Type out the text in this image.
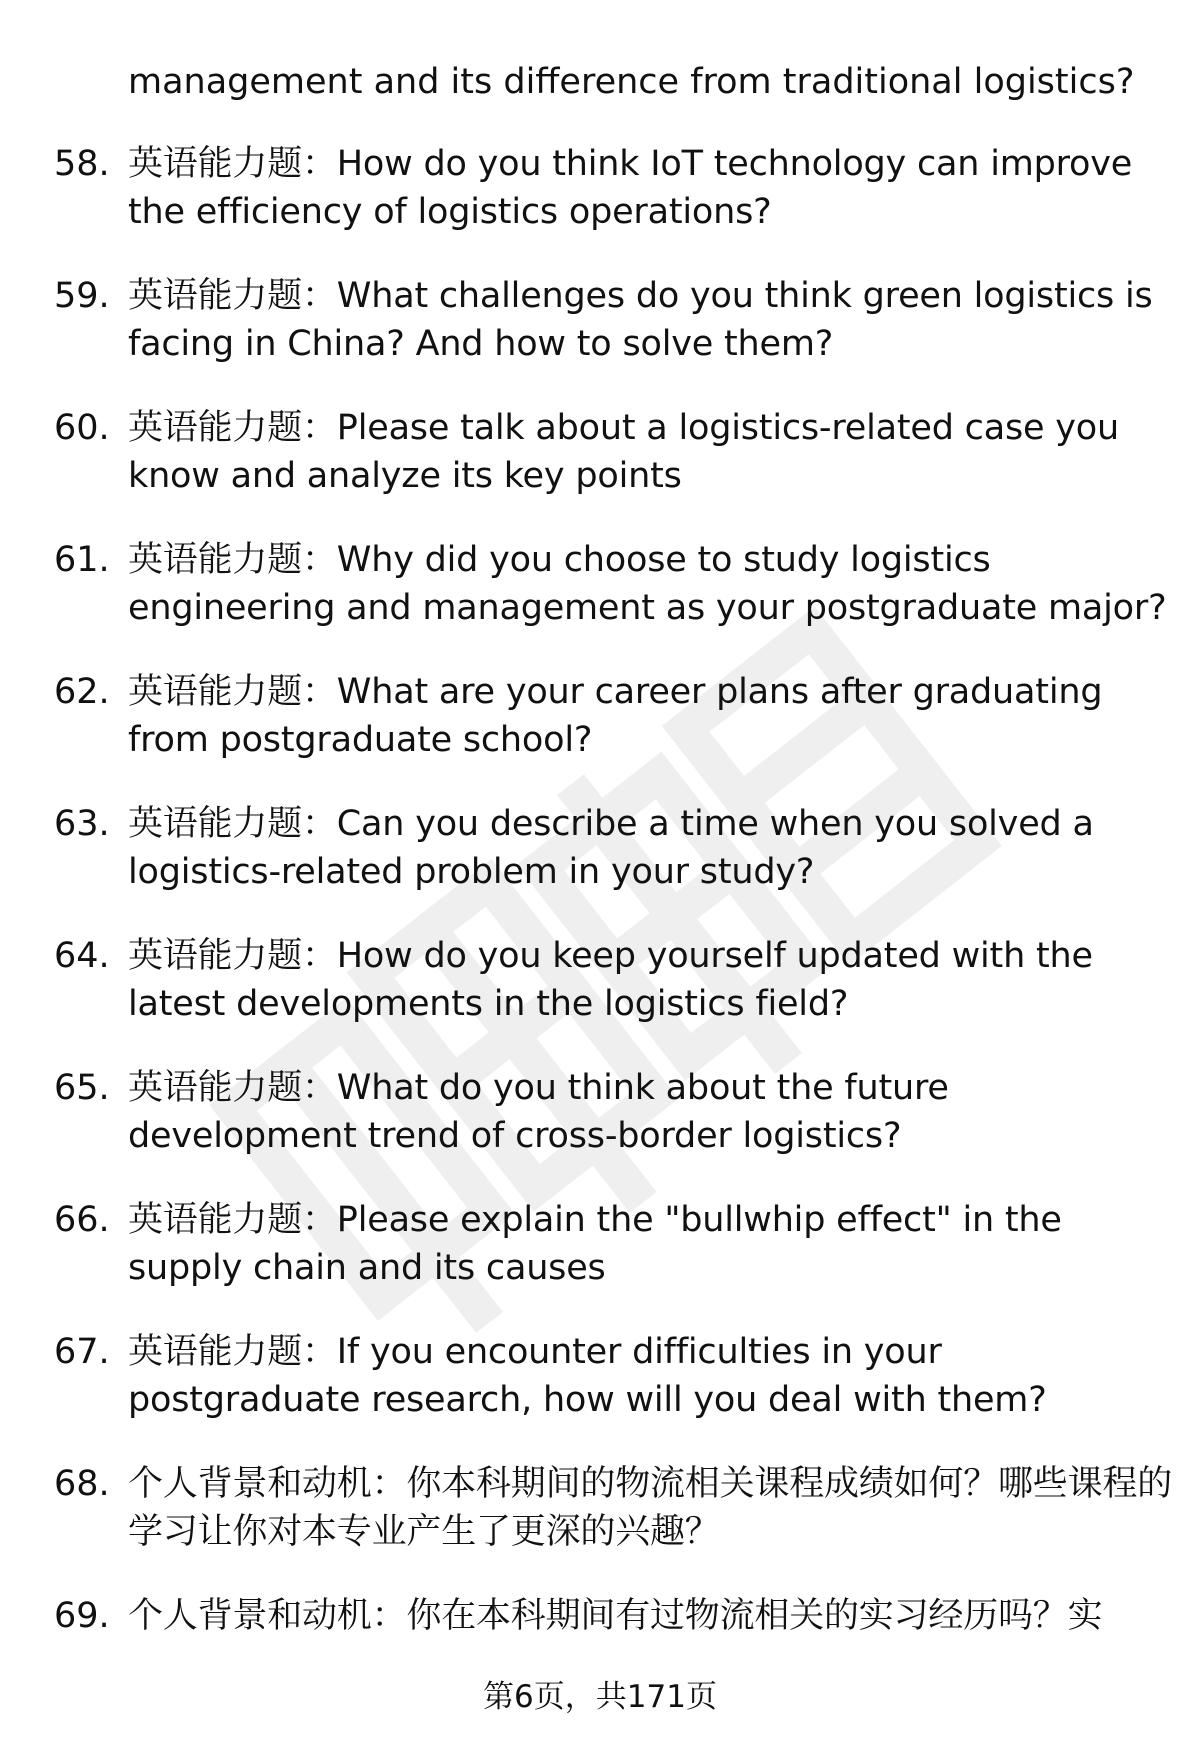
management and its difference from traditional logistics?
58. 英语能力题：How do you think IoT technology can improve the efficiency of logistics operations?
59. 英语能力题：What challenges do you think green logistics is facing in China? And how to solve them?
60. 英语能力题：Please talk about a logistics-related case you know and analyze its key points
61. 英语能力题：Why did you choose to study logistics engineering and management as your postgraduate major?
62. 英语能力题：What are your career plans after graduating from postgraduate school?
63. 英语能力题：Can you describe a time when you solved a logistics-related problem in your study?
64. 英语能力题：How do you keep yourself updated with the latest developments in the logistics field?
65. 英语能力题：What do you think about the future development trend of cross-border logistics?
66. 英语能力题：Please explain the "bullwhip effect" in the supply chain and its causes
67. 英语能力题：If you encounter difficulties in your postgraduate research, how will you deal with them?
68. 个人背景和动机：你本科期间的物流相关课程成绩如何？哪些课程的学习让你对本专业产生了更深的兴趣？
69. 个人背景和动机：你在本科期间有过物流相关的实习经历吗？实
第6页，共171页
